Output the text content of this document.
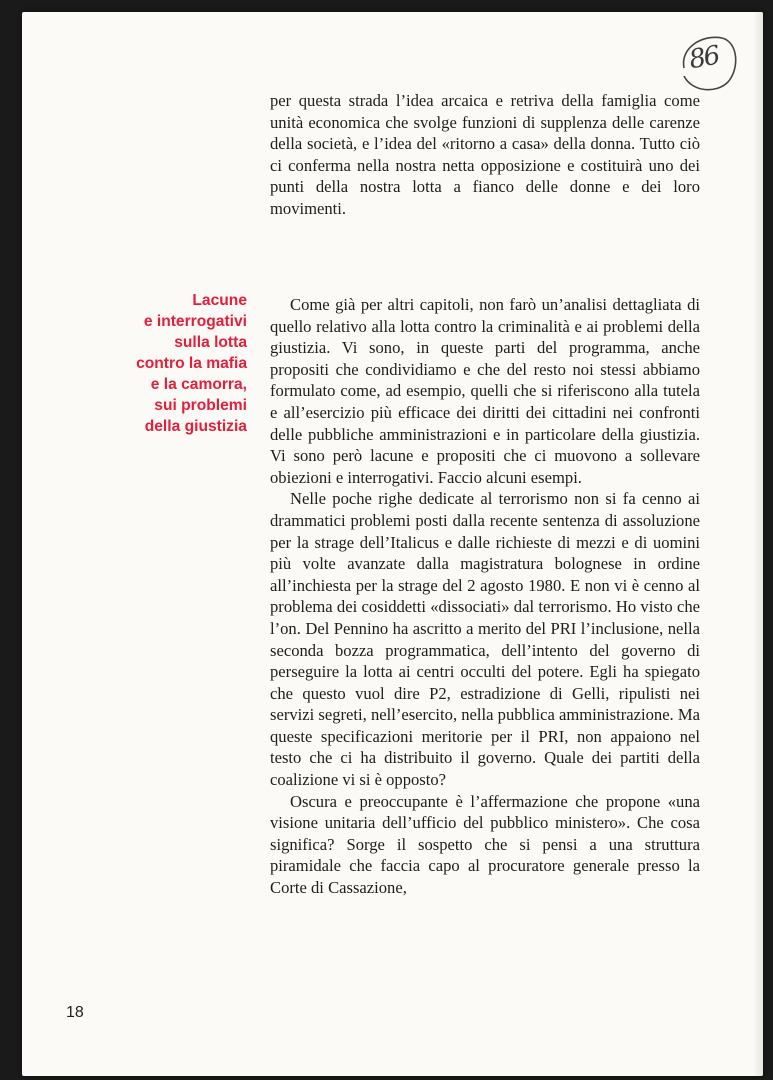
86

per questa strada l’idea arcaica e retriva della famiglia come unità economica che svolge funzioni di supplenza delle carenze della società, e l’idea del «ritorno a casa» della donna. Tutto ciò ci conferma nella nostra netta opposizione e costituirà uno dei punti della nostra lotta a fianco delle donne e dei loro movimenti.

Lacune
e interrogativi
sulla lotta
contro la mafia
e la camorra,
sui problemi
della giustizia

Come già per altri capitoli, non farò un’analisi dettagliata di quello relativo alla lotta contro la criminalità e ai problemi della giustizia. Vi sono, in queste parti del programma, anche propositi che condividiamo e che del resto noi stessi abbiamo formulato come, ad esempio, quelli che si riferiscono alla tutela e all’esercizio più efficace dei diritti dei cittadini nei confronti delle pubbliche amministrazioni e in particolare della giustizia. Vi sono però lacune e propositi che ci muovono a sollevare obiezioni e interrogativi. Faccio alcuni esempi.

Nelle poche righe dedicate al terrorismo non si fa cenno ai drammatici problemi posti dalla recente sentenza di assoluzione per la strage dell’Italicus e dalle richieste di mezzi e di uomini più volte avanzate dalla magistratura bolognese in ordine all’inchiesta per la strage del 2 agosto 1980. E non vi è cenno al problema dei cosiddetti «dissociati» dal terrorismo. Ho visto che l’on. Del Pennino ha ascritto a merito del PRI l’inclusione, nella seconda bozza programmatica, dell’intento del governo di perseguire la lotta ai centri occulti del potere. Egli ha spiegato che questo vuol dire P2, estradizione di Gelli, ripulisti nei servizi segreti, nell’esercito, nella pubblica amministrazione. Ma queste specificazioni meritorie per il PRI, non appaiono nel testo che ci ha distribuito il governo. Quale dei partiti della coalizione vi si è opposto?

Oscura e preoccupante è l’affermazione che propone «una visione unitaria dell’ufficio del pubblico ministero». Che cosa significa? Sorge il sospetto che si pensi a una struttura piramidale che faccia capo al procuratore generale presso la Corte di Cassazione,

18
